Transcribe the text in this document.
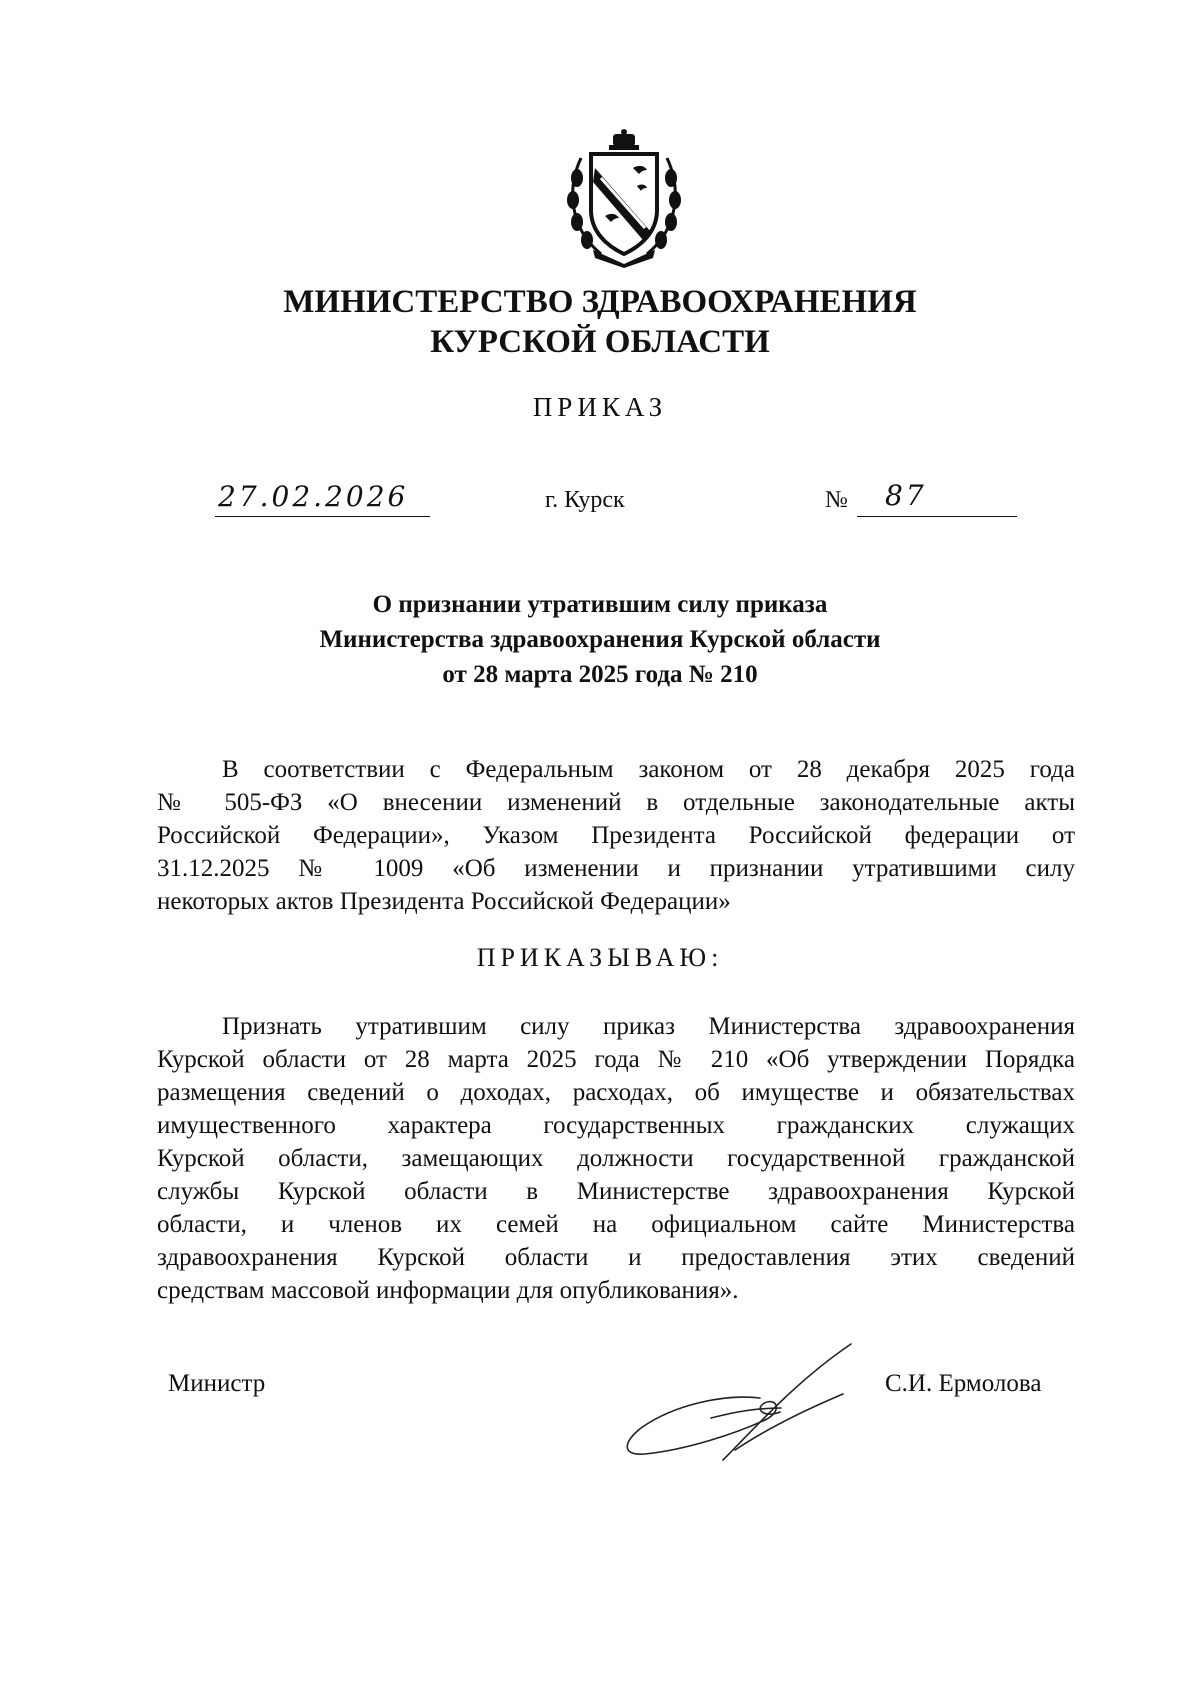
МИНИСТЕРСТВО ЗДРАВООХРАНЕНИЯ
КУРСКОЙ ОБЛАСТИ
ПРИКАЗ
27.02.2026	г. Курск	№ 87
О признании утратившим силу приказа
Министерства здравоохранения Курской области
от 28 марта 2025 года № 210
В соответствии с Федеральным законом от 28 декабря 2025 года
№ 505-ФЗ «О внесении изменений в отдельные законодательные акты
Российской Федерации», Указом Президента Российской федерации от
31.12.2025 № 1009 «Об изменении и признании утратившими силу
некоторых актов Президента Российской Федерации»
ПРИКАЗЫВАЮ:
Признать утратившим силу приказ Министерства здравоохранения
Курской области от 28 марта 2025 года № 210 «Об утверждении Порядка
размещения сведений о доходах, расходах, об имуществе и обязательствах
имущественного характера государственных гражданских служащих
Курской области, замещающих должности государственной гражданской
службы Курской области в Министерстве здравоохранения Курской
области, и членов их семей на официальном сайте Министерства
здравоохранения Курской области и предоставления этих сведений
средствам массовой информации для опубликования».
Министр	С.И. Ермолова
